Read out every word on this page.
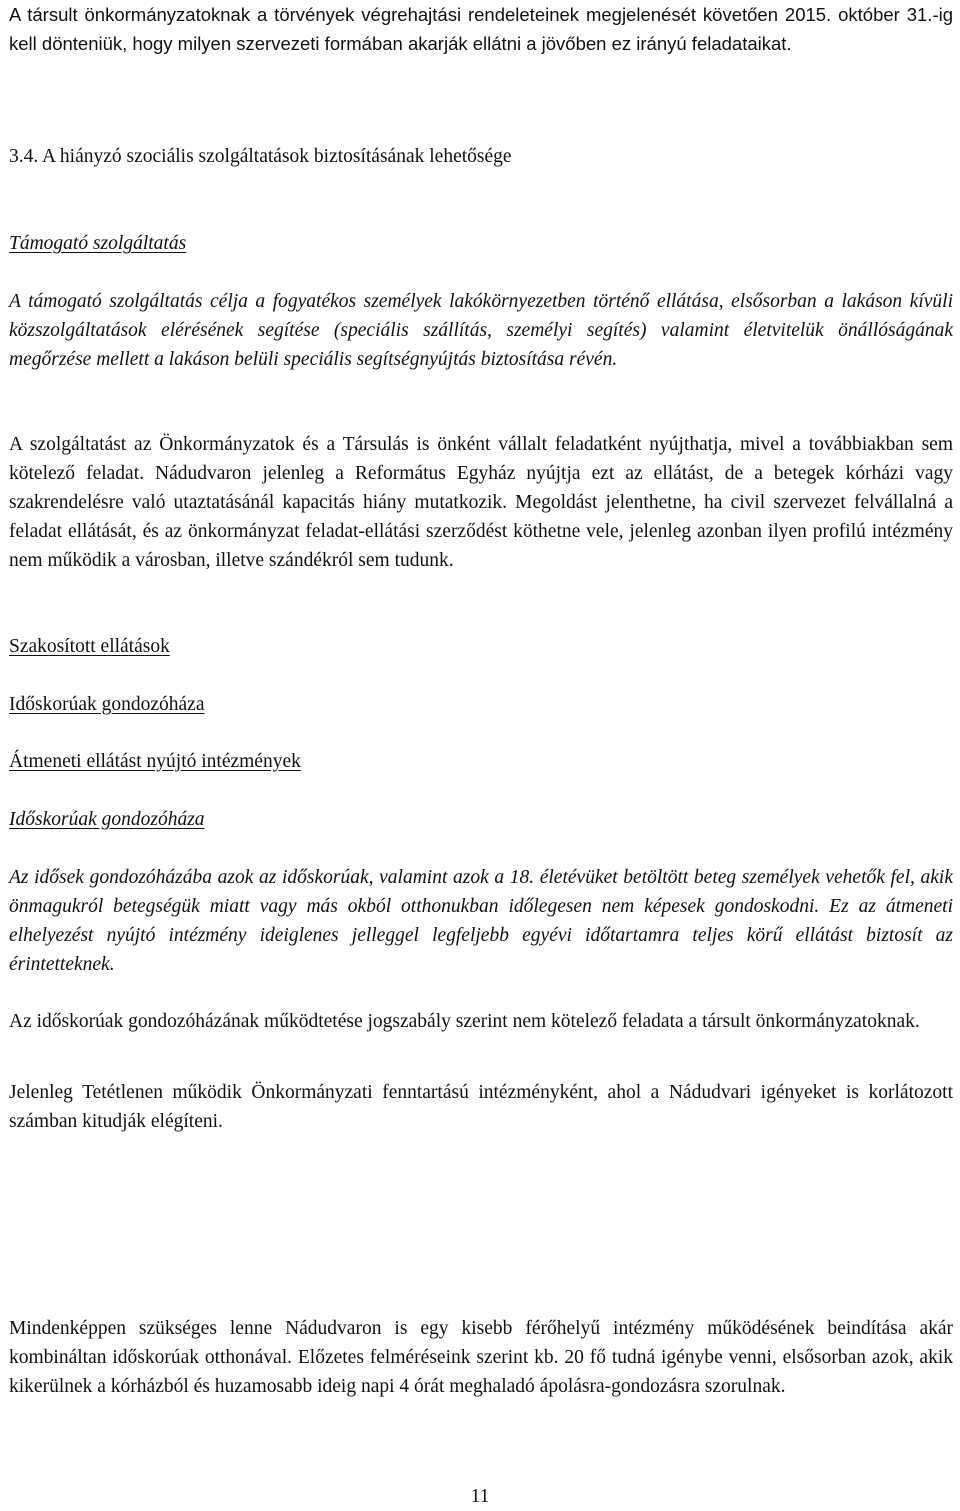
A társult önkormányzatoknak a törvények végrehajtási rendeleteinek megjelenését követően 2015. október 31.-ig kell dönteniük, hogy milyen szervezeti formában akarják ellátni a jövőben ez irányú feladataikat.

3.4. A hiányzó szociális szolgáltatások biztosításának lehetősége

Támogató szolgáltatás

A támogató szolgáltatás célja a fogyatékos személyek lakókörnyezetben történő ellátása, elsősorban a lakáson kívüli közszolgáltatások elérésének segítése (speciális szállítás, személyi segítés) valamint életvitelük önállóságának megőrzése mellett a lakáson belüli speciális segítségnyújtás biztosítása révén.

A szolgáltatást az Önkormányzatok és a Társulás is önként vállalt feladatként nyújthatja, mivel a továbbiakban sem kötelező feladat. Nádudvaron jelenleg a Református Egyház nyújtja ezt az ellátást, de a betegek kórházi vagy szakrendelésre való utaztatásánál kapacitás hiány mutatkozik. Megoldást jelenthetne, ha civil szervezet felvállalná a feladat ellátását, és az önkormányzat feladat-ellátási szerződést köthetne vele, jelenleg azonban ilyen profilú intézmény nem működik a városban, illetve szándékról sem tudunk.

Szakosított ellátások

Időskorúak gondozóháza

Átmeneti ellátást nyújtó intézmények

Időskorúak gondozóháza

Az idősek gondozóházába azok az időskorúak, valamint azok a 18. életévüket betöltött beteg személyek vehetők fel, akik önmagukról betegségük miatt vagy más okból otthonukban időlegesen nem képesek gondoskodni. Ez az átmeneti elhelyezést nyújtó intézmény ideiglenes jelleggel legfeljebb egyévi időtartamra teljes körű ellátást biztosít az érintetteknek.

Az időskorúak gondozóházának működtetése jogszabály szerint nem kötelező feladata a társult önkormányzatoknak.

Jelenleg Tetétlenen működik Önkormányzati fenntartású intézményként, ahol a Nádudvari igényeket is korlátozott számban kitudják elégíteni.

Mindenképpen szükséges lenne Nádudvaron is egy kisebb férőhelyű intézmény működésének beindítása akár kombináltan időskorúak otthonával. Előzetes felméréseink szerint kb. 20 fő tudná igénybe venni, elsősorban azok, akik kikerülnek a kórházból és huzamosabb ideig napi 4 órát meghaladó ápolásra-gondozásra szorulnak.

11
